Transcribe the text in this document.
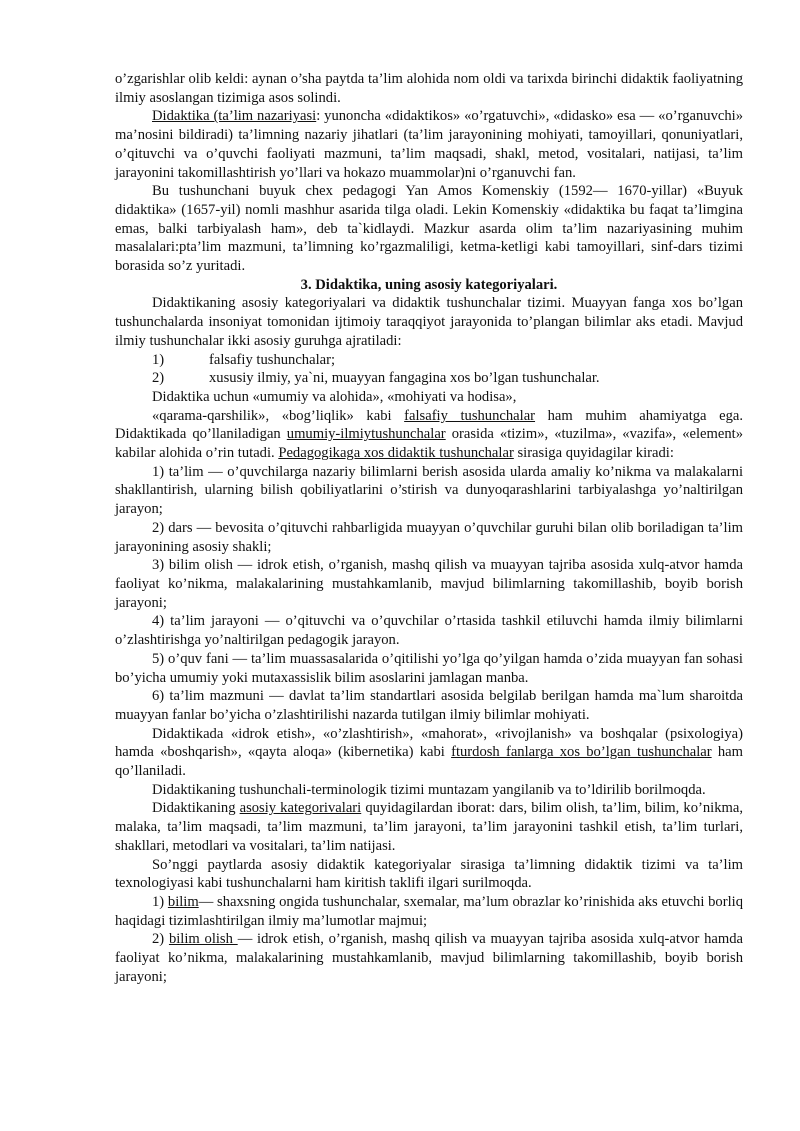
o’zgarishlar olib keldi: aynan o’sha paytda ta’lim alohida nom oldi va tarixda birinchi didaktik faoliyatning ilmiy asoslangan tizimiga asos solindi.

Didaktika (ta’lim nazariyasi: yunoncha «didaktikos» «o’rgatuvchi», «didasko» esa — «o’rganuvchi» ma’nosini bildiradi) ta’limning nazariy jihatlari (ta’lim jarayonining mohiyati, tamoyillari, qonuniyatlari, o’qituvchi va o’quvchi faoliyati mazmuni, ta’lim maqsadi, shakl, metod, vositalari, natijasi, ta’lim jarayonini takomillashtirish yo’llari va hokazo muammolar)ni o’rganuvchi fan.

Bu tushunchani buyuk chex pedagogi Yan Amos Komenskiy (1592— 1670-yillar) «Buyuk didaktika» (1657-yil) nomli mashhur asarida tilga oladi. Lekin Komenskiy «didaktika bu faqat ta’limgina emas, balki tarbiyalash ham», deb ta`kidlaydi. Mazkur asarda olim ta’lim nazariyasining muhim masalalari:pta’lim mazmuni, ta’limning ko’rgazmaliligi, ketma-ketligi kabi tamoyillari, sinf-dars tizimi borasida so’z yuritadi.

3. Didaktika, uning asosiy kategoriyalari.

Didaktikaning asosiy kategoriyalari va didaktik tushunchalar tizimi. Muayyan fanga xos bo’lgan tushunchalarda insoniyat tomonidan ijtimoiy taraqqiyot jarayonida to’plangan bilimlar aks etadi. Mavjud ilmiy tushunchalar ikki asosiy guruhga ajratiladi:

1)	falsafiy tushunchalar;

2)	xususiy ilmiy, ya`ni, muayyan fangagina xos bo’lgan tushunchalar.

Didaktika uchun «umumiy va alohida», «mohiyati va hodisa»,

«qarama-qarshilik», «bog’liqlik» kabi falsafiy tushunchalar ham muhim ahamiyatga ega. Didaktikada qo’llaniladigan umumiy-ilmiytushunchalar orasida «tizim», «tuzilma», «vazifa», «element» kabilar alohida o’rin tutadi. Pedagogikaga xos didaktik tushunchalar sirasiga quyidagilar kiradi:

1) ta’lim — o’quvchilarga nazariy bilimlarni berish asosida ularda amaliy ko’nikma va malakalarni shakllantirish, ularning bilish qobiliyatlarini o’stirish va dunyoqarashlarini tarbiyalashga yo’naltirilgan jarayon;

2) dars — bevosita o’qituvchi rahbarligida muayyan o’quvchilar guruhi bilan olib boriladigan ta’lim jarayonining asosiy shakli;

3) bilim olish — idrok etish, o’rganish, mashq qilish va muayyan tajriba asosida xulq-atvor hamda faoliyat ko’nikma, malakalarining mustahkamlanib, mavjud bilimlarning takomillashib, boyib borish jarayoni;

4) ta’lim jarayoni — o’qituvchi va o’quvchilar o’rtasida tashkil etiluvchi hamda ilmiy bilimlarni o’zlashtirishga yo’naltirilgan pedagogik jarayon.

5) o’quv fani — ta’lim muassasalarida o’qitilishi yo’lga qo’yilgan hamda o’zida muayyan fan sohasi bo’yicha umumiy yoki mutaxassislik bilim asoslarini jamlagan manba.

6) ta’lim mazmuni — davlat ta’lim standartlari asosida belgilab berilgan hamda ma`lum sharoitda muayyan fanlar bo’yicha o’zlashtirilishi nazarda tutilgan ilmiy bilimlar mohiyati.

Didaktikada «idrok etish», «o’zlashtirish», «mahorat», «rivojlanish» va boshqalar (psixologiya) hamda «boshqarish», «qayta aloqa» (kibernetika) kabi fturdosh fanlarga xos bo’lgan tushunchalar ham qo’llaniladi.

Didaktikaning tushunchali-terminologik tizimi muntazam yangilanib va to’ldirilib borilmoqda.

Didaktikaning asosiy kategorivalari quyidagilardan iborat: dars, bilim olish, ta’lim, bilim, ko’nikma, malaka, ta’lim maqsadi, ta’lim mazmuni, ta’lim jarayoni, ta’lim jarayonini tashkil etish, ta’lim turlari, shakllari, metodlari va vositalari, ta’lim natijasi.

So’nggi paytlarda asosiy didaktik kategoriyalar sirasiga ta’limning didaktik tizimi va ta’lim texnologiyasi kabi tushunchalarni ham kiritish taklifi ilgari surilmoqda.

1) bilim— shaxsning ongida tushunchalar, sxemalar, ma’lum obrazlar ko’rinishida aks etuvchi borliq haqidagi tizimlashtirilgan ilmiy ma’lumotlar majmui;

2) bilim olish — idrok etish, o’rganish, mashq qilish va muayyan tajriba asosida xulq-atvor hamda faoliyat ko’nikma, malakalarining mustahkamlanib, mavjud bilimlarning takomillashib, boyib borish jarayoni;
